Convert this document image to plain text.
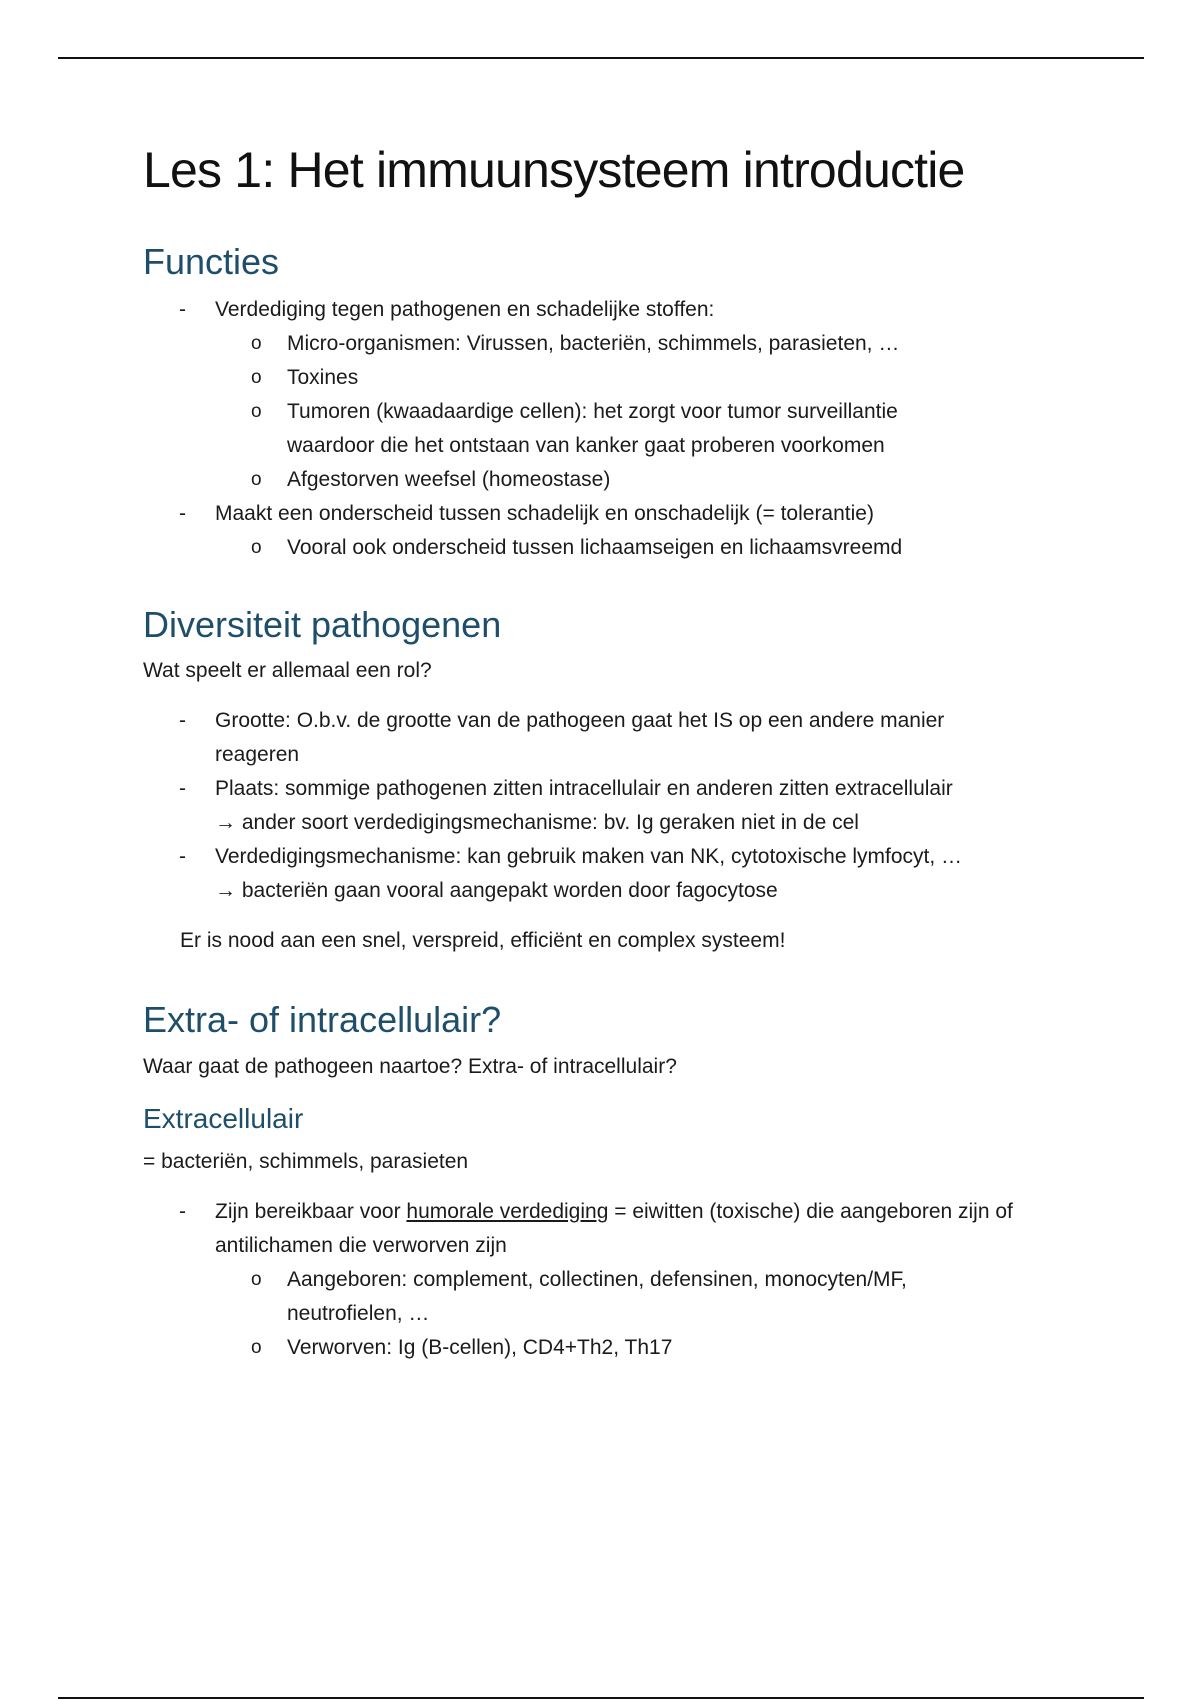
Les 1: Het immuunsysteem introductie
Functies
- Verdediging tegen pathogenen en schadelijke stoffen:
o Micro-organismen: Virussen, bacteriën, schimmels, parasieten, …
o Toxines
o Tumoren (kwaadaardige cellen): het zorgt voor tumor surveillantie waardoor die het ontstaan van kanker gaat proberen voorkomen
o Afgestorven weefsel (homeostase)
- Maakt een onderscheid tussen schadelijk en onschadelijk (= tolerantie)
o Vooral ook onderscheid tussen lichaamseigen en lichaamsvreemd
Diversiteit pathogenen

Wat speelt er allemaal een rol?

- Grootte: O.b.v. de grootte van de pathogeen gaat het IS op een andere manier reageren
- Plaats: sommige pathogenen zitten intracellulair en anderen zitten extracellulair
→ ander soort verdedigingsmechanisme: bv. Ig geraken niet in de cel
- Verdedigingsmechanisme: kan gebruik maken van NK, cytotoxische lymfocyt, …
→ bacteriën gaan vooral aangepakt worden door fagocytose

Er is nood aan een snel, verspreid, efficiënt en complex systeem!

Extra- of intracellulair?

Waar gaat de pathogeen naartoe? Extra- of intracellulair?

Extracellulair

= bacteriën, schimmels, parasieten

- Zijn bereikbaar voor humorale verdediging = eiwitten (toxische) die aangeboren zijn of antilichamen die verworven zijn
o Aangeboren: complement, collectinen, defensinen, monocyten/MF, neutrofielen, …
o Verworven: Ig (B-cellen), CD4+Th2, Th17
